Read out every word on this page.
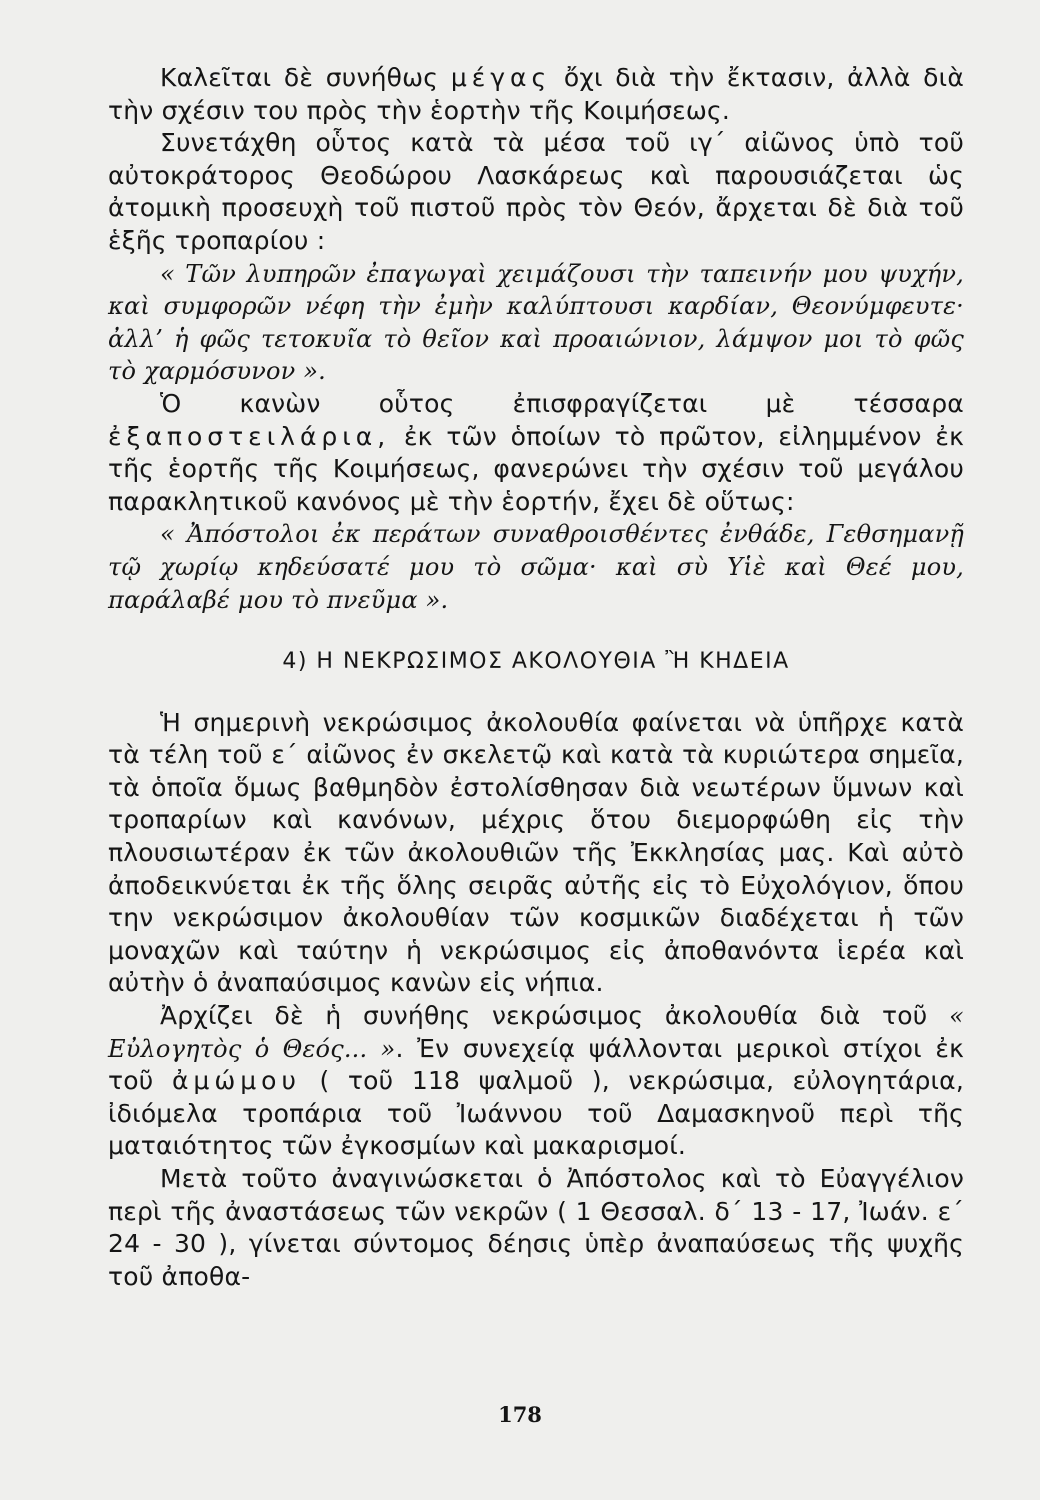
Καλεῖται δὲ συνήθως μέγας ὄχι διὰ τὴν ἔκτασιν, ἀλλὰ διὰ τὴν σχέσιν του πρὸς τὴν ἑορτὴν τῆς Κοιμήσεως.

Συνετάχθη οὗτος κατὰ τὰ μέσα τοῦ ιγ΄ αἰῶνος ὑπὸ τοῦ αὐτοκράτορος Θεοδώρου Λασκάρεως καὶ παρουσιάζεται ὡς ἀτομικὴ προσευχὴ τοῦ πιστοῦ πρὸς τὸν Θεόν, ἄρχεται δὲ διὰ τοῦ ἑξῆς τροπαρίου :

« Τῶν λυπηρῶν ἐπαγωγαὶ χειμάζουσι τὴν ταπεινήν μου ψυχήν, καὶ συμφορῶν νέφη τὴν ἐμὴν καλύπτουσι καρδίαν, Θεονύμφευτε· ἀλλ’ ἡ φῶς τετοκυῖα τὸ θεῖον καὶ προαιώνιον, λάμψον μοι τὸ φῶς τὸ χαρμόσυνον ».

Ὁ κανὼν οὗτος ἐπισφραγίζεται μὲ τέσσαρα ἐξαποστειλάρια, ἐκ τῶν ὁποίων τὸ πρῶτον, εἰλημμένον ἐκ τῆς ἑορτῆς τῆς Κοιμήσεως, φανερώνει τὴν σχέσιν τοῦ μεγάλου παρακλητικοῦ κανόνος μὲ τὴν ἑορτήν, ἔχει δὲ οὕτως:

« Ἀπόστολοι ἐκ περάτων συναθροισθέντες ἐνθάδε, Γεθσημανῇ τῷ χωρίῳ κηδεύσατέ μου τὸ σῶμα· καὶ σὺ Υἱὲ καὶ Θεέ μου, παράλαβέ μου τὸ πνεῦμα ».

4) Η ΝΕΚΡΩΣΙΜΟΣ ΑΚΟΛΟΥΘΙΑ Ἢ ΚΗΔΕΙΑ

Ἡ σημερινὴ νεκρώσιμος ἀκολουθία φαίνεται νὰ ὑπῆρχε κατὰ τὰ τέλη τοῦ ε΄ αἰῶνος ἐν σκελετῷ καὶ κατὰ τὰ κυριώτερα σημεῖα, τὰ ὁποῖα ὅμως βαθμηδὸν ἐστολίσθησαν διὰ νεωτέρων ὕμνων καὶ τροπαρίων καὶ κανόνων, μέχρις ὅτου διεμορφώθη εἰς τὴν πλουσιωτέραν ἐκ τῶν ἀκολουθιῶν τῆς Ἐκκλησίας μας. Καὶ αὐτὸ ἀποδεικνύεται ἐκ τῆς ὅλης σειρᾶς αὐτῆς εἰς τὸ Εὐχολόγιον, ὅπου την νεκρώσιμον ἀκολουθίαν τῶν κοσμικῶν διαδέχεται ἡ τῶν μοναχῶν καὶ ταύτην ἡ νεκρώσιμος εἰς ἀποθανόντα ἱερέα καὶ αὐτὴν ὁ ἀναπαύσιμος κανὼν εἰς νήπια.

Ἀρχίζει δὲ ἡ συνήθης νεκρώσιμος ἀκολουθία διὰ τοῦ « Εὐλογητὸς ὁ Θεός... ». Ἐν συνεχείᾳ ψάλλονται μερικοὶ στίχοι ἐκ τοῦ ἀμώμου ( τοῦ 118 ψαλμοῦ ), νεκρώσιμα, εὐλογητάρια, ἰδιόμελα τροπάρια τοῦ Ἰωάννου τοῦ Δαμασκηνοῦ περὶ τῆς ματαιότητος τῶν ἐγκοσμίων καὶ μακαρισμοί.

Μετὰ τοῦτο ἀναγινώσκεται ὁ Ἀπόστολος καὶ τὸ Εὐαγγέλιον περὶ τῆς ἀναστάσεως τῶν νεκρῶν ( 1 Θεσσαλ. δ΄ 13 - 17, Ἰωάν. ε΄ 24 - 30 ), γίνεται σύντομος δέησις ὑπὲρ ἀναπαύσεως τῆς ψυχῆς τοῦ ἀποθα-

178
